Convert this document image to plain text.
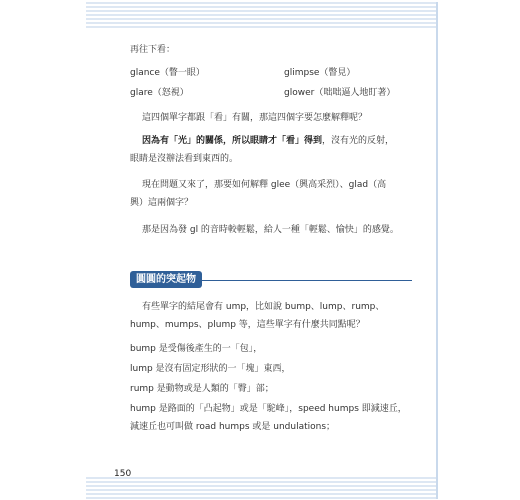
再往下看：
glance（瞥一眼）	glimpse（瞥見）
glare（怒視）	glower（咄咄逼人地盯著）
這四個單字都跟「看」有關，那這四個字要怎麼解釋呢？
因為有「光」的關係，所以眼睛才「看」得到，沒有光的反射，
眼睛是沒辦法看到東西的。
現在問題又來了，那要如何解釋 glee（興高采烈）、glad（高
興）這兩個字？
那是因為發 gl 的音時較輕鬆，給人一種「輕鬆、愉快」的感覺。
圓圓的突起物
有些單字的結尾會有 ump，比如說 bump、lump、rump、
hump、mumps、plump 等，這些單字有什麼共同點呢？
bump 是受傷後產生的一「包」，
lump 是沒有固定形狀的一「塊」東西，
rump 是動物或是人類的「臀」部；
hump 是路面的「凸起物」或是「駝峰」，speed humps 即減速丘，
減速丘也可叫做 road humps 或是 undulations；
150
